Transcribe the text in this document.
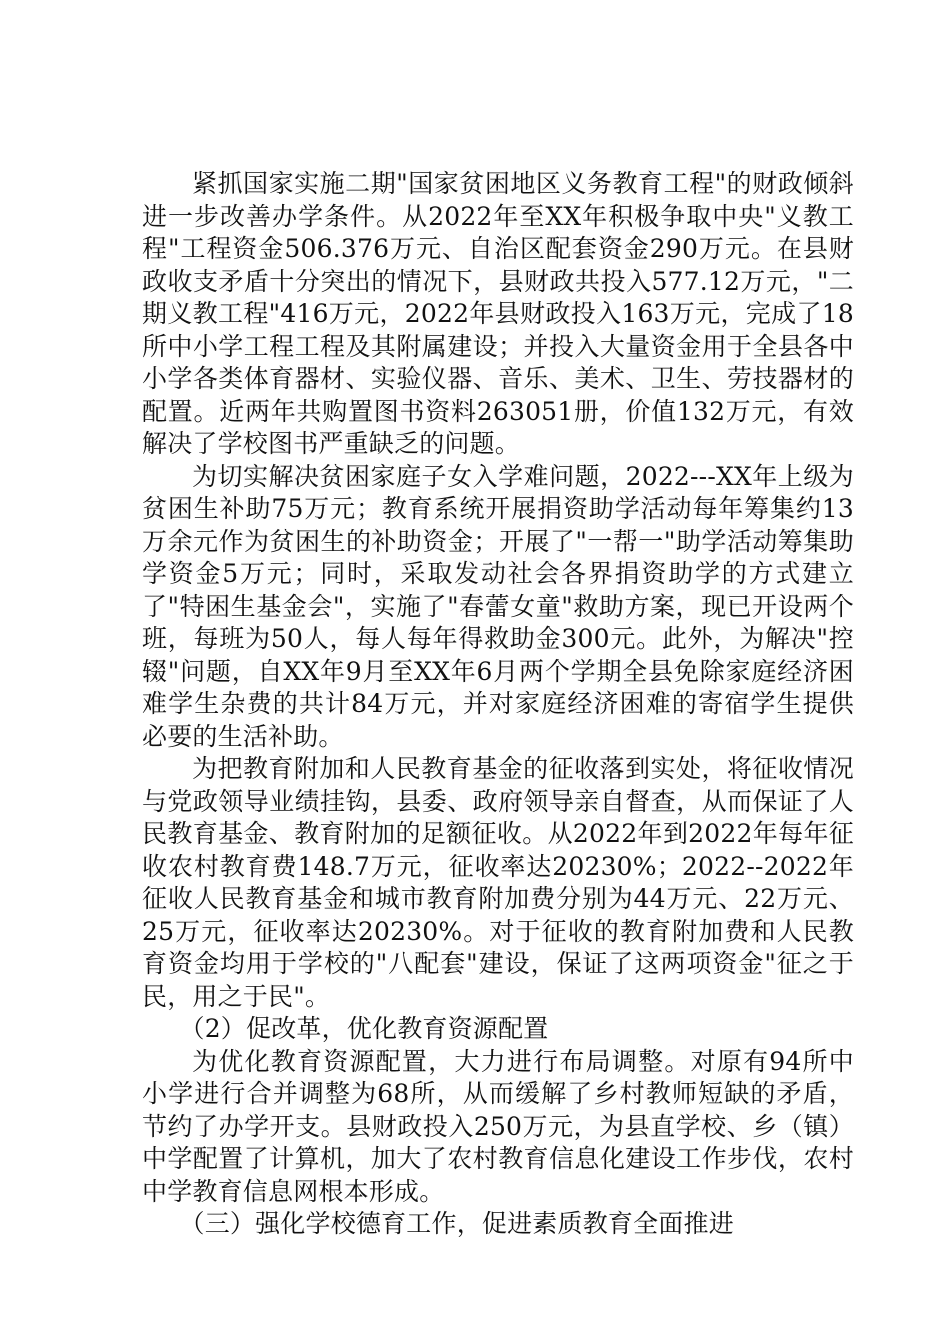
紧抓国家实施二期"国家贫困地区义务教育工程"的财政倾斜进一步改善办学条件。从2022年至XX年积极争取中央"义教工程"工程资金506.376万元、自治区配套资金290万元。在县财政收支矛盾十分突出的情况下，县财政共投入577.12万元，"二期义教工程"416万元，2022年县财政投入163万元，完成了18所中小学工程工程及其附属建设；并投入大量资金用于全县各中小学各类体育器材、实验仪器、音乐、美术、卫生、劳技器材的配置。近两年共购置图书资料263051册，价值132万元，有效解决了学校图书严重缺乏的问题。

为切实解决贫困家庭子女入学难问题，2022---XX年上级为贫困生补助75万元；教育系统开展捐资助学活动每年筹集约13万余元作为贫困生的补助资金；开展了"一帮一"助学活动筹集助学资金5万元；同时，采取发动社会各界捐资助学的方式建立了"特困生基金会"，实施了"春蕾女童"救助方案，现已开设两个班，每班为50人，每人每年得救助金300元。此外，为解决"控辍"问题，自XX年9月至XX年6月两个学期全县免除家庭经济困难学生杂费的共计84万元，并对家庭经济困难的寄宿学生提供必要的生活补助。

为把教育附加和人民教育基金的征收落到实处，将征收情况与党政领导业绩挂钩，县委、政府领导亲自督查，从而保证了人民教育基金、教育附加的足额征收。从2022年到2022年每年征收农村教育费148.7万元，征收率达20230%；2022--2022年征收人民教育基金和城市教育附加费分别为44万元、22万元、25万元，征收率达20230%。对于征收的教育附加费和人民教育资金均用于学校的"八配套"建设，保证了这两项资金"征之于民，用之于民"。

（2）促改革，优化教育资源配置

为优化教育资源配置，大力进行布局调整。对原有94所中小学进行合并调整为68所，从而缓解了乡村教师短缺的矛盾，节约了办学开支。县财政投入250万元，为县直学校、乡（镇）中学配置了计算机，加大了农村教育信息化建设工作步伐，农村中学教育信息网根本形成。

（三）强化学校德育工作，促进素质教育全面推进
